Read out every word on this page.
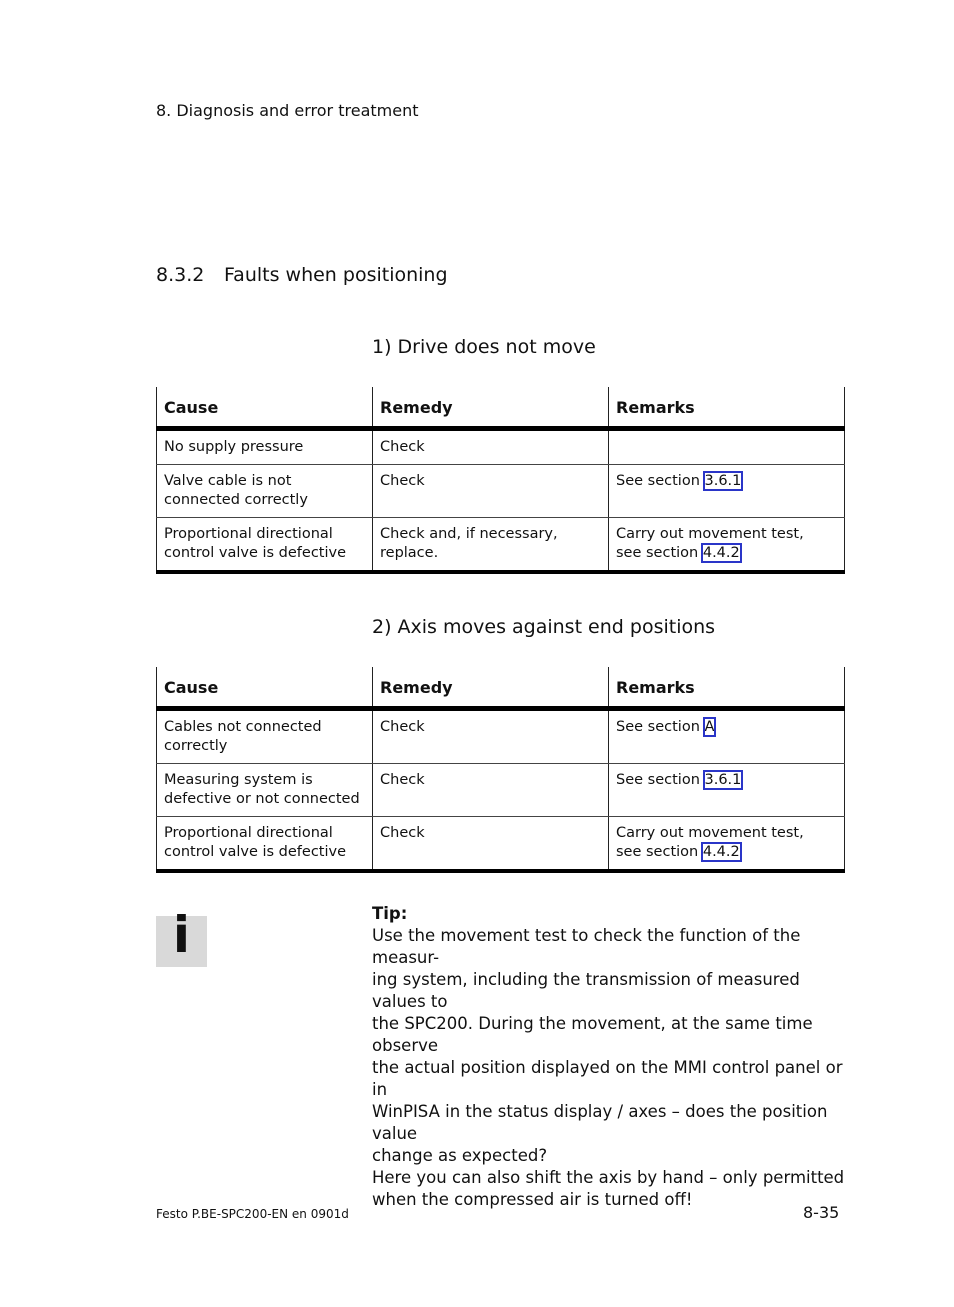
8. Diagnosis and error treatment
8.3.2 Faults when positioning
1) Drive does not move
Cause	Remedy	Remarks
No supply pressure	Check	
Valve cable is not connected correctly	Check	See section 3.6.1
Proportional directional control valve is defective	Check and, if necessary, replace.	Carry out movement test,
see section 4.4.2
2) Axis moves against end positions
Cause	Remedy	Remarks
Cables not connected correctly	Check	See section A
Measuring system is defective or not connected	Check	See section 3.6.1
Proportional directional control valve is defective	Check	Carry out movement test,
see section 4.4.2
i	Tip:
Use the movement test to check the function of the measur-
ing system, including the transmission of measured values to
the SPC200. During the movement, at the same time observe
the actual position displayed on the MMI control panel or in
WinPISA in the status display / axes – does the position value
change as expected?
Here you can also shift the axis by hand – only permitted
when the compressed air is turned off!
Festo P.BE-SPC200-EN en 0901d	8-35
